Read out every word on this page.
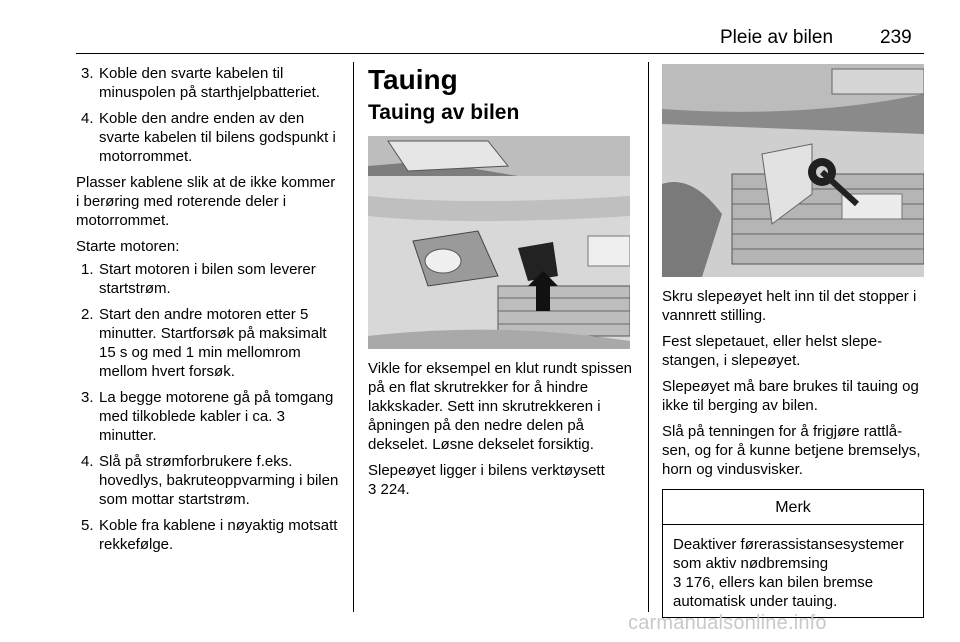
Pleie av bilen 239
3. Koble den svarte kabelen til minuspolen på starthjelpbatteriet.
4. Koble den andre enden av den svarte kabelen til bilens godspunkt i motorrommet.

Plasser kablene slik at de ikke kommer i berøring med roterende deler i motorrommet.

Starte motoren:

1. Start motoren i bilen som leverer startstrøm.
2. Start den andre motoren etter 5 minutter. Startforsøk på maksimalt 15 s og med 1 min mellomrom mellom hvert forsøk.
3. La begge motorene gå på tomgang med tilkoblede kabler i ca. 3 minutter.
4. Slå på strømforbrukere f.eks. hovedlys, bakruteoppvarming i bilen som mottar startstrøm.
5. Koble fra kablene i nøyaktig motsatt rekkefølge.
Tauing
Tauing av bilen

Vikle for eksempel en klut rundt spissen på en flat skrutrekker for å hindre lakkskader. Sett inn skrutrekkeren i åpningen på den nedre delen på dekselet. Løsne dekselet forsiktig.

Slepeøyet ligger i bilens verktøysett
3 224.

Skru slepeøyet helt inn til det stopper i vannrett stilling.

Fest slepetauet, eller helst slepestangen, i slepeøyet.

Slepeøyet må bare brukes til tauing og ikke til berging av bilen.

Slå på tenningen for å frigjøre rattlåsen, og for å kunne betjene bremselys, horn og vindusvisker.

Merk
Deaktiver førerassistansesystemer som aktiv nødbremsing
3 176, ellers kan bilen bremse automatisk under tauing.
carmanualsonline.info
